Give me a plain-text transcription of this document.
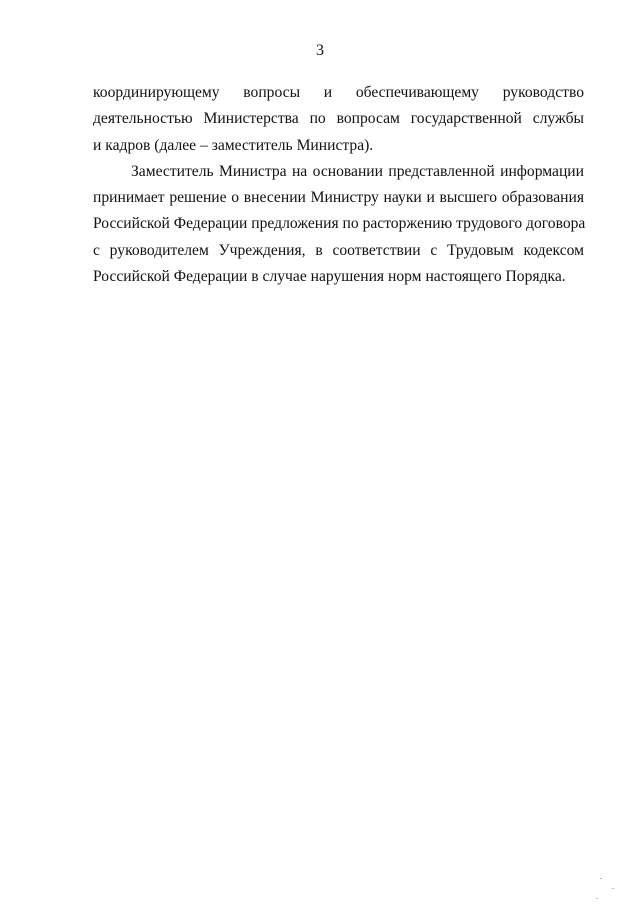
3
координирующему вопросы и обеспечивающему руководство
деятельностью Министерства по вопросам государственной службы
и кадров (далее – заместитель Министра).
Заместитель Министра на основании представленной информации
принимает решение о внесении Министру науки и высшего образования
Российской Федерации предложения по расторжению трудового договора
с руководителем Учреждения, в соответствии с Трудовым кодексом
Российской Федерации в случае нарушения норм настоящего Порядка.
